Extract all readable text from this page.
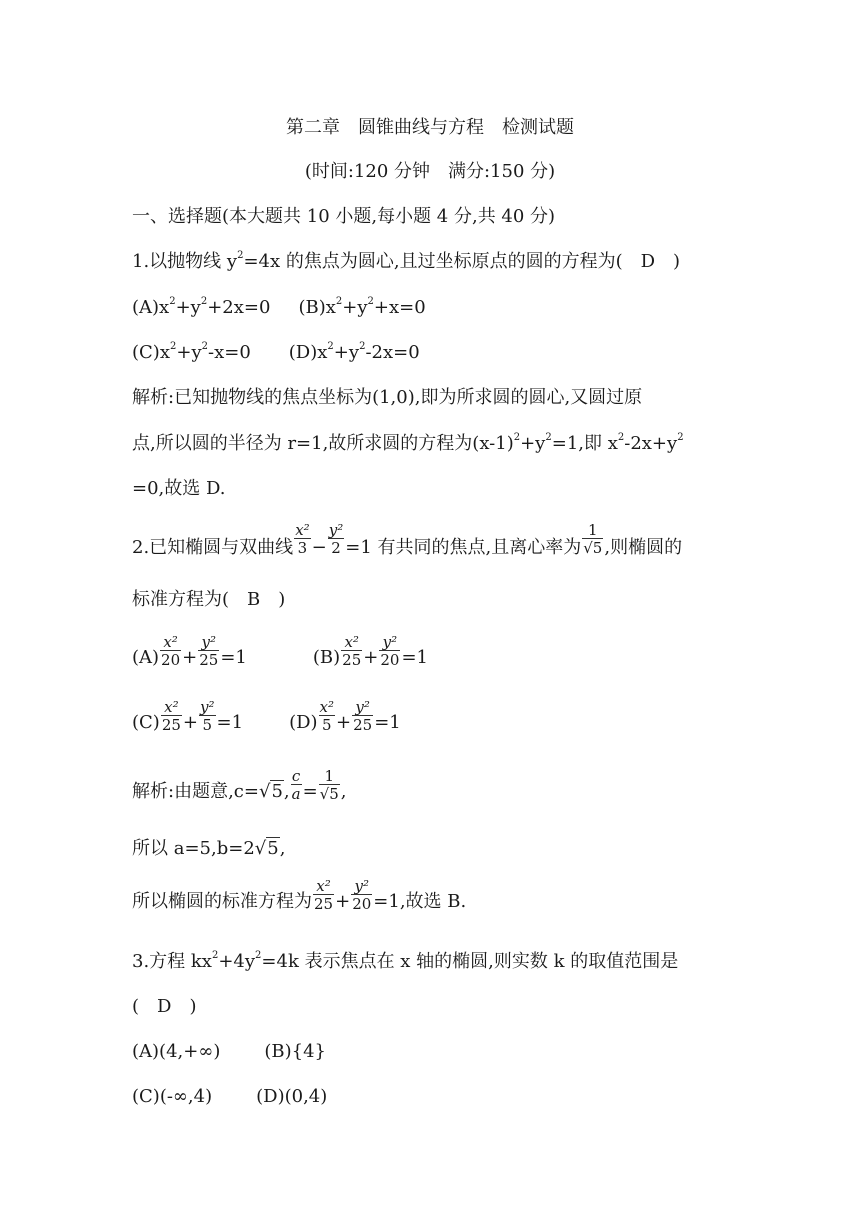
第二章　圆锥曲线与方程　检测试题
(时间:120 分钟　满分:150 分)
一、选择题(本大题共 10 小题,每小题 4 分,共 40 分)
1.以抛物线 $y^2=4x$ 的焦点为圆心,且过坐标原点的圆的方程为(　D　)
$(A)x^2+y^2+2x=0$ $(B)x^2+y^2+x=0$
$(C)x^2+y^2-x=0$ $(D)x^2+y^2-2x=0$
解析:已知抛物线的焦点坐标为(1,0),即为所求圆的圆心,又圆过原
点,所以圆的半径为 r=1,故所求圆的方程为$(x-1)^2+y^2=1$,即 $x^2-2x+y^2$
=0,故选 D.
2.已知椭圆与双曲线 $\frac{\text{x²}}{3} - \frac{\text{y²}}{2} =1$ 有共同的焦点,且离心率为 $\frac{1}{√5}$ ,则椭圆的
标准方程为(　B　)
$(A) \frac{\text{x²}}{20} + \frac{\text{y²}}{25} =1$	$(B) \frac{\text{x²}}{25} + \frac{\text{y²}}{20} =1$
$(C) \frac{\text{x²}}{25} + \frac{\text{y²}}{5} =1$	$(D) \frac{\text{x²}}{5} + \frac{\text{y²}}{25} =1$
解析:由题意,c=√5, $\frac{c}{a} = \frac{1}{√5}$ ,
所以 a=5,b=2√5,
所以椭圆的标准方程为 $\frac{\text{x²}}{25} + \frac{\text{y²}}{20} =1$,故选 B.
3.方程 $kx^2+4y^2=4k$ 表示焦点在 x 轴的椭圆,则实数 k 的取值范围是
(　D　)
(A)(4,+∞) (B){4}
(C)(-∞,4) (D)(0,4)
